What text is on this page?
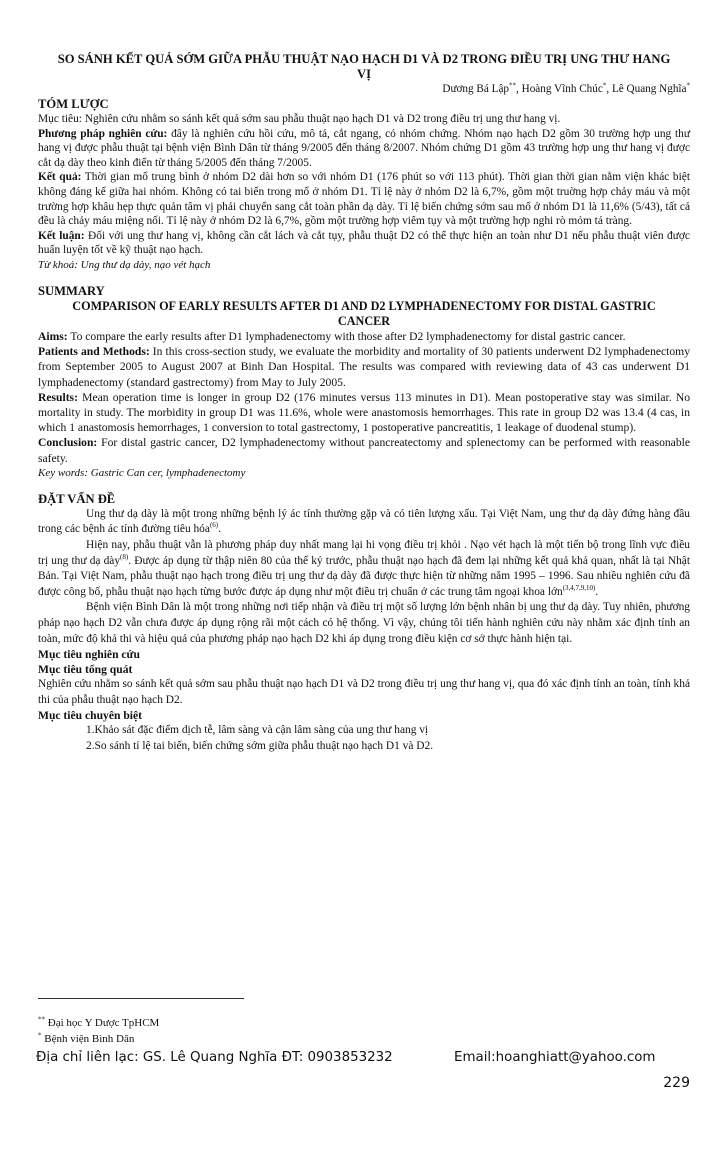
SO SÁNH KẾT QUẢ SỚM GIỮA PHẪU THUẬT NẠO HẠCH D1 VÀ D2 TRONG ĐIỀU TRỊ UNG THƯ HANG VỊ
Dương Bá Lập**, Hoàng Vĩnh Chúc*, Lê Quang Nghĩa*
TÓM LƯỢC

Mục tiêu: Nghiên cứu nhằm so sánh kết quả sớm sau phẫu thuật nạo hạch D1 và D2 trong điều trị ung thư hang vị.

Phương pháp nghiên cứu: đây là nghiên cứu hồi cứu, mô tả, cắt ngang, có nhóm chứng. Nhóm nạo hạch D2 gồm 30 trường hợp ung thư hang vị được phẫu thuật tại bệnh viện Bình Dân từ tháng 9/2005 đến tháng 8/2007. Nhóm chứng D1 gồm 43 trường hợp ung thư hang vị được cắt dạ dày theo kinh điển từ tháng 5/2005 đến tháng 7/2005.

Kết quả: Thời gian mổ trung bình ở nhóm D2 dài hơn so với nhóm D1 (176 phút so với 113 phút). Thời gian thời gian nằm viện khác biệt không đáng kể giữa hai nhóm. Không có tai biến trong mổ ở nhóm D1. Tỉ lệ này ở nhóm D2 là 6,7%, gồm một truờng hợp chảy máu và một trường hợp khâu hẹp thực quản tâm vị phải chuyển sang cắt toàn phần dạ dày. Tỉ lệ biến chứng sớm sau mổ ở nhóm D1 là 11,6% (5/43), tất cả đều là chảy máu miệng nối. Tỉ lệ này ở nhóm D2 là 6,7%, gồm một trường hợp viêm tụy và một trường hợp nghi rò mỏm tá tràng.

Kết luận: Đối với ung thư hang vị, không cần cắt lách và cắt tụy, phẫu thuật D2 có thể thực hiện an toàn như D1 nếu phẫu thuật viên được huấn luyện tốt về kỹ thuật nạo hạch.

Từ khoá: Ung thư dạ dày, nạo vét hạch
SUMMARY
COMPARISON OF EARLY RESULTS AFTER D1 AND D2 LYMPHADENECTOMY FOR DISTAL GASTRIC CANCER

Aims: To compare the early results after D1 lymphadenectomy with those after D2 lymphadenectomy for distal gastric cancer.

Patients and Methods: In this cross-section study, we evaluate the morbidity and mortality of 30 patients underwent D2 lymphadenectomy from September 2005 to August 2007 at Binh Dan Hospital. The results was compared with reviewing data of 43 cas underwent D1 lymphadenectomy (standard gastrectomy) from May to July 2005.

Results: Mean operation time is longer in group D2 (176 minutes versus 113 minutes in D1). Mean postoperative stay was similar. No mortality in study. The morbidity in group D1 was 11.6%, whole were anastomosis hemorrhages. This rate in group D2 was 13.4 (4 cas, in which 1 anastomosis hemorrhages, 1 conversion to total gastrectomy, 1 postoperative pancreatitis, 1 leakage of duodenal stump).

Conclusion: For distal gastric cancer, D2 lymphadenectomy without pancreatectomy and splenectomy can be performed with reasonable safety.

Key words: Gastric Can cer, lymphadenectomy
ĐẶT VẤN ĐỀ

Ung thư dạ dày là một trong những bệnh lý ác tính thường gặp và có tiên lượng xấu. Tại Việt Nam, ung thư dạ dày đứng hàng đầu trong các bệnh ác tính đường tiêu hóa$^{(6)}$.

Hiện nay, phẫu thuật vẫn là phương pháp duy nhất mang lại hi vọng điều trị khỏi . Nạo vét hạch là một tiến bộ trong lĩnh vực điều trị ung thư dạ dày$^{(8)}$. Được áp dụng từ thập niên 80 của thế kỷ trước, phẫu thuật nạo hạch đã đem lại những kết quả khả quan, nhất là tại Nhật Bản. Tại Việt Nam, phẫu thuật nạo hạch trong điều trị ung thư dạ dày đã được thực hiện từ những năm 1995 – 1996. Sau nhiều nghiên cứu đã được công bố, phẫu thuật nạo hạch từng bước được áp dụng như một điều trị chuẩn ở các trung tâm ngoại khoa lớn$^{(3,4,7,9,10)}$.

Bệnh viện Bình Dân là một trong những nơi tiếp nhận và điều trị một số lượng lớn bệnh nhân bị ung thư dạ dày. Tuy nhiên, phương pháp nạo hạch D2 vẫn chưa được áp dụng rộng rãi một cách có hệ thống. Vì vậy, chúng tôi tiến hành nghiên cứu này nhằm xác định tính an toàn, mức độ khả thi và hiệu quả của phương pháp nạo hạch D2 khi áp dụng trong điều kiện cơ sở thực hành hiện tại.

Mục tiêu nghiên cứu
Mục tiêu tổng quát

Nghiên cứu nhằm so sánh kết quả sớm sau phẫu thuật nạo hạch D1 và D2 trong điều trị ung thư hang vị, qua đó xác định tính an toàn, tính khả thi của phẫu thuật nạo hạch D2.

Mục tiêu chuyên biệt

1.Khảo sát đặc điểm dịch tễ, lâm sàng và cận lâm sàng của ung thư hang vị

2.So sánh tỉ lệ tai biến, biến chứng sớm giữa phẫu thuật nạo hạch D1 và D2.

** Đại học Y Dược TpHCM
* Bệnh viện Bình Dân
Địa chỉ liên lạc: GS. Lê Quang Nghĩa ĐT: 0903853232	Email:hoanghiatt@yahoo.com
229
